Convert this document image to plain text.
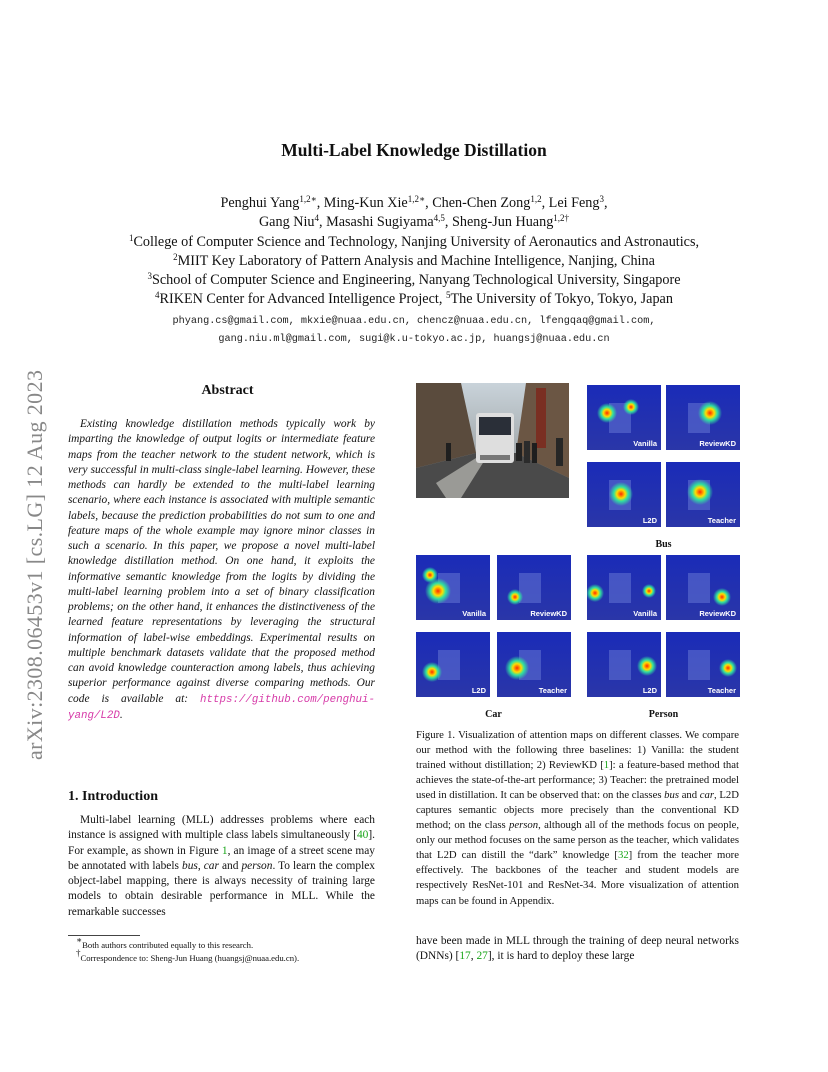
arXiv:2308.06453v1 [cs.LG] 12 Aug 2023
Multi-Label Knowledge Distillation
Penghui Yang$^{1,2∗}$, Ming-Kun Xie$^{1,2∗}$, Chen-Chen Zong$^{1,2}$, Lei Feng$^3$,
Gang Niu$^4$, Masashi Sugiyama$^{4,5}$, Sheng-Jun Huang$^{1,2\dagger}$
$^1$College of Computer Science and Technology, Nanjing University of Aeronautics and Astronautics,
$^2$MIIT Key Laboratory of Pattern Analysis and Machine Intelligence, Nanjing, China
$^3$School of Computer Science and Engineering, Nanyang Technological University, Singapore
$^4$RIKEN Center for Advanced Intelligence Project, $^5$The University of Tokyo, Tokyo, Japan
phyang.cs@gmail.com, mkxie@nuaa.edu.cn, chencz@nuaa.edu.cn, lfengqaq@gmail.com,
gang.niu.ml@gmail.com, sugi@k.u-tokyo.ac.jp, huangsj@nuaa.edu.cn
Abstract
Existing knowledge distillation methods typically work by imparting the knowledge of output logits or intermediate feature maps from the teacher network to the student network, which is very successful in multi-class single-label learning. However, these methods can hardly be extended to the multi-label learning scenario, where each instance is associated with multiple semantic labels, because the prediction probabilities do not sum to one and feature maps of the whole example may ignore minor classes in such a scenario. In this paper, we propose a novel multi-label knowledge distillation method. On one hand, it exploits the informative semantic knowledge from the logits by dividing the multi-label learning problem into a set of binary classification problems; on the other hand, it enhances the distinctiveness of the learned feature representations by leveraging the structural information of label-wise embeddings. Experimental results on multiple benchmark datasets validate that the proposed method can avoid knowledge counteraction among labels, thus achieving superior performance against diverse comparing methods. Our code is available at: https://github.com/penghui-yang/L2D.
1. Introduction
Multi-label learning (MLL) addresses problems where each instance is assigned with multiple class labels simultaneously [40]. For example, as shown in Figure 1, an image of a street scene may be annotated with labels bus, car and person. To learn the complex object-label mapping, there is always necessity of training large models to obtain desirable performance in MLL. While the remarkable successes
∗Both authors contributed equally to this research.
†Correspondence to: Sheng-Jun Huang (huangsj@nuaa.edu.cn).
Vanilla	ReviewKD
L2D	Teacher
Bus
Vanilla	ReviewKD
L2D	Teacher
Car
Vanilla	ReviewKD
L2D	Teacher
Person
Figure 1. Visualization of attention maps on different classes. We compare our method with the following three baselines: 1) Vanilla: the student trained without distillation; 2) ReviewKD [1]: a feature-based method that achieves the state-of-the-art performance; 3) Teacher: the pretrained model used in distillation. It can be observed that: on the classes bus and car, L2D captures semantic objects more precisely than the conventional KD method; on the class person, although all of the methods focus on people, only our method focuses on the same person as the teacher, which validates that L2D can distill the “dark” knowledge [32] from the teacher more effectively. The backbones of the teacher and student models are respectively ResNet-101 and ResNet-34. More visualization of attention maps can be found in Appendix.
have been made in MLL through the training of deep neural networks (DNNs) [17, 27], it is hard to deploy these large
